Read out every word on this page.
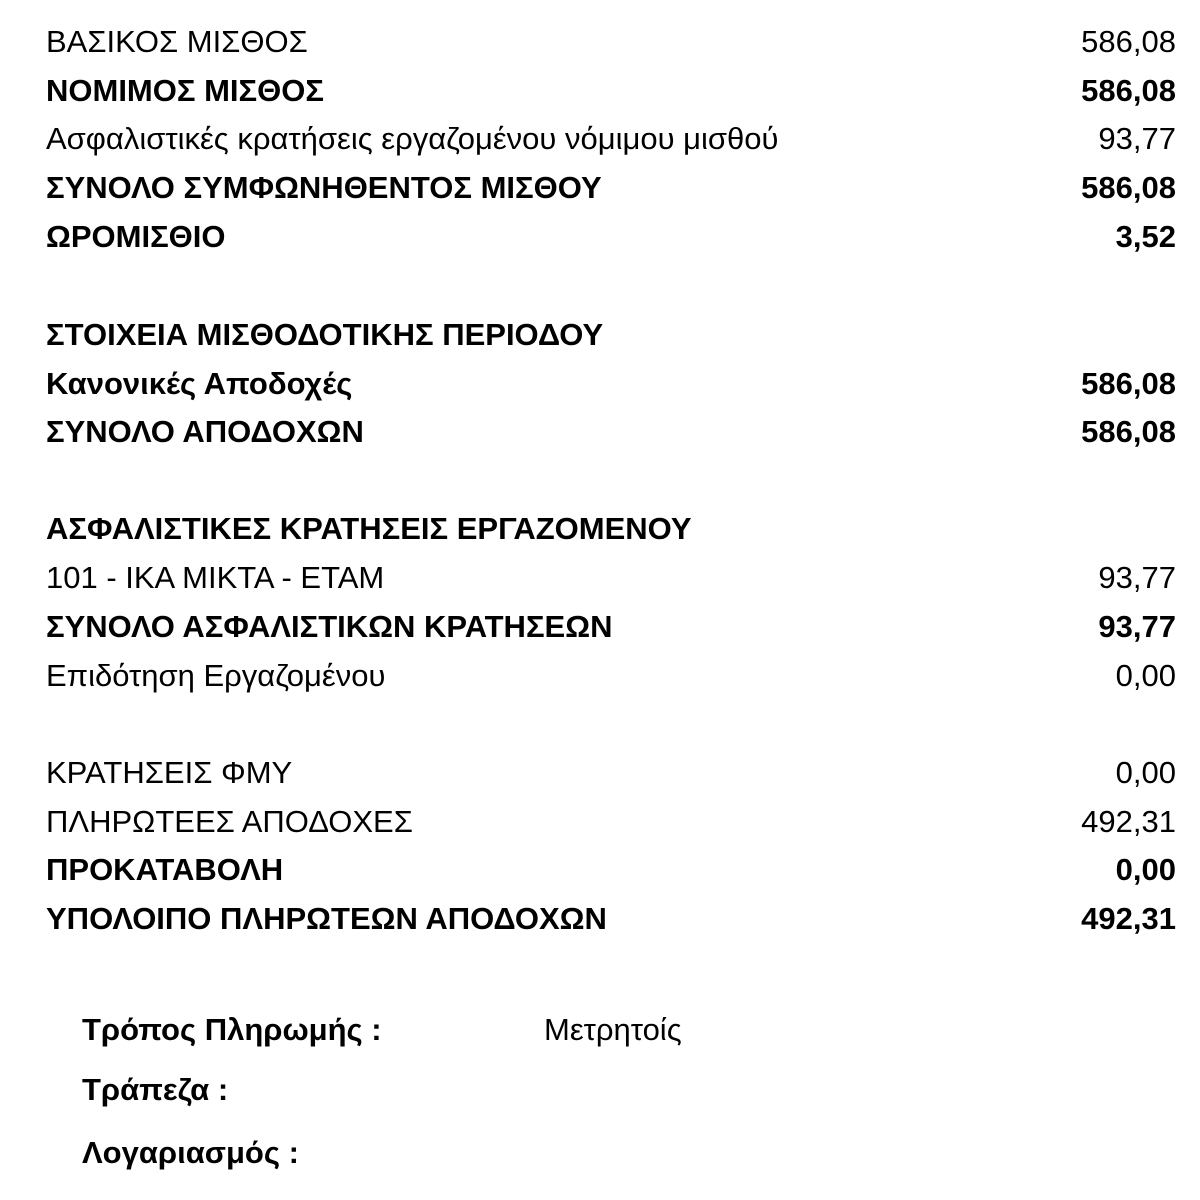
ΒΑΣΙΚΟΣ ΜΙΣΘΟΣ	586,08
ΝΟΜΙΜΟΣ ΜΙΣΘΟΣ	586,08
Ασφαλιστικές κρατήσεις εργαζομένου νόμιμου μισθού	93,77
ΣΥΝΟΛΟ ΣΥΜΦΩΝΗΘΕΝΤΟΣ ΜΙΣΘΟΥ	586,08
ΩΡΟΜΙΣΘΙΟ	3,52
ΣΤΟΙΧΕΙΑ ΜΙΣΘΟΔΟΤΙΚΗΣ ΠΕΡΙΟΔΟΥ
Κανονικές Αποδοχές	586,08
ΣΥΝΟΛΟ ΑΠΟΔΟΧΩΝ	586,08
ΑΣΦΑΛΙΣΤΙΚΕΣ ΚΡΑΤΗΣΕΙΣ ΕΡΓΑΖΟΜΕΝΟΥ
101 - ΙΚΑ ΜΙΚΤΑ - ΕΤΑΜ	93,77
ΣΥΝΟΛΟ ΑΣΦΑΛΙΣΤΙΚΩΝ ΚΡΑΤΗΣΕΩΝ	93,77
Επιδότηση Εργαζομένου	0,00
ΚΡΑΤΗΣΕΙΣ ΦΜΥ	0,00
ΠΛΗΡΩΤΕΕΣ ΑΠΟΔΟΧΕΣ	492,31
ΠΡΟΚΑΤΑΒΟΛΗ	0,00
ΥΠΟΛΟΙΠΟ ΠΛΗΡΩΤΕΩΝ ΑΠΟΔΟΧΩΝ	492,31
Τρόπος Πληρωμής :	Μετρητοίς
Τράπεζα :
Λογαριασμός :
